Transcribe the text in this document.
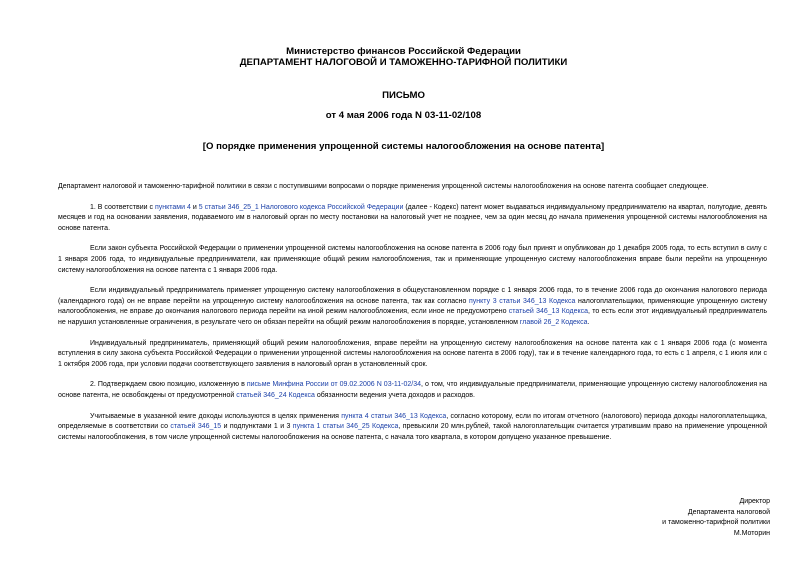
Министерство финансов Российской Федерации
ДЕПАРТАМЕНТ НАЛОГОВОЙ И ТАМОЖЕННО-ТАРИФНОЙ ПОЛИТИКИ
ПИСЬМО
от 4 мая 2006 года N 03-11-02/108
[О порядке применения упрощенной системы налогообложения на основе патента]

Департамент налоговой и таможенно-тарифной политики в связи с поступившими вопросами о порядке применения упрощенной системы налогообложения на основе патента сообщает следующее.

1. В соответствии с пунктами 4 и 5 статьи 346_25_1 Налогового кодекса Российской Федерации (далее - Кодекс) патент может выдаваться индивидуальному предпринимателю на квартал, полугодие, девять месяцев и год на основании заявления, подаваемого им в налоговый орган по месту постановки на налоговый учет не позднее, чем за один месяц до начала применения упрощенной системы налогообложения на основе патента.

Если закон субъекта Российской Федерации о применении упрощенной системы налогообложения на основе патента в 2006 году был принят и опубликован до 1 декабря 2005 года, то есть вступил в силу с 1 января 2006 года, то индивидуальные предприниматели, как применяющие общий режим налогообложения, так и применяющие упрощенную систему налогообложения вправе были перейти на упрощенную систему налогообложения на основе патента с 1 января 2006 года.

Если индивидуальный предприниматель применяет упрощенную систему налогообложения в общеустановленном порядке с 1 января 2006 года, то в течение 2006 года до окончания налогового периода (календарного года) он не вправе перейти на упрощенную систему налогообложения на основе патента, так как согласно пункту 3 статьи 346_13 Кодекса налогоплательщики, применяющие упрощенную систему налогообложения, не вправе до окончания налогового периода перейти на иной режим налогообложения, если иное не предусмотрено статьей 346_13 Кодекса, то есть если этот индивидуальный предприниматель не нарушил установленные ограничения, в результате чего он обязан перейти на общий режим налогообложения в порядке, установленном главой 26_2 Кодекса.

Индивидуальный предприниматель, применяющий общий режим налогообложения, вправе перейти на упрощенную систему налогообложения на основе патента как с 1 января 2006 года (с момента вступления в силу закона субъекта Российской Федерации о применении упрощенной системы налогообложения на основе патента в 2006 году), так и в течение календарного года, то есть с 1 апреля, с 1 июля или с 1 октября 2006 года, при условии подачи соответствующего заявления в налоговый орган в установленный срок.

2. Подтверждаем свою позицию, изложенную в письме Минфина России от 09.02.2006 N 03-11-02/34, о том, что индивидуальные предприниматели, применяющие упрощенную систему налогообложения на основе патента, не освобождены от предусмотренной статьей 346_24 Кодекса обязанности ведения учета доходов и расходов.

Учитываемые в указанной книге доходы используются в целях применения пункта 4 статьи 346_13 Кодекса, согласно которому, если по итогам отчетного (налогового) периода доходы налогоплательщика, определяемые в соответствии со статьей 346_15 и подпунктами 1 и 3 пункта 1 статьи 346_25 Кодекса, превысили 20 млн.рублей, такой налогоплательщик считается утратившим право на применение упрощенной системы налогообложения, в том числе упрощенной системы налогообложения на основе патента, с начала того квартала, в котором допущено указанное превышение.

Директор
Департамента налоговой
и таможенно-тарифной политики
М.Моторин
